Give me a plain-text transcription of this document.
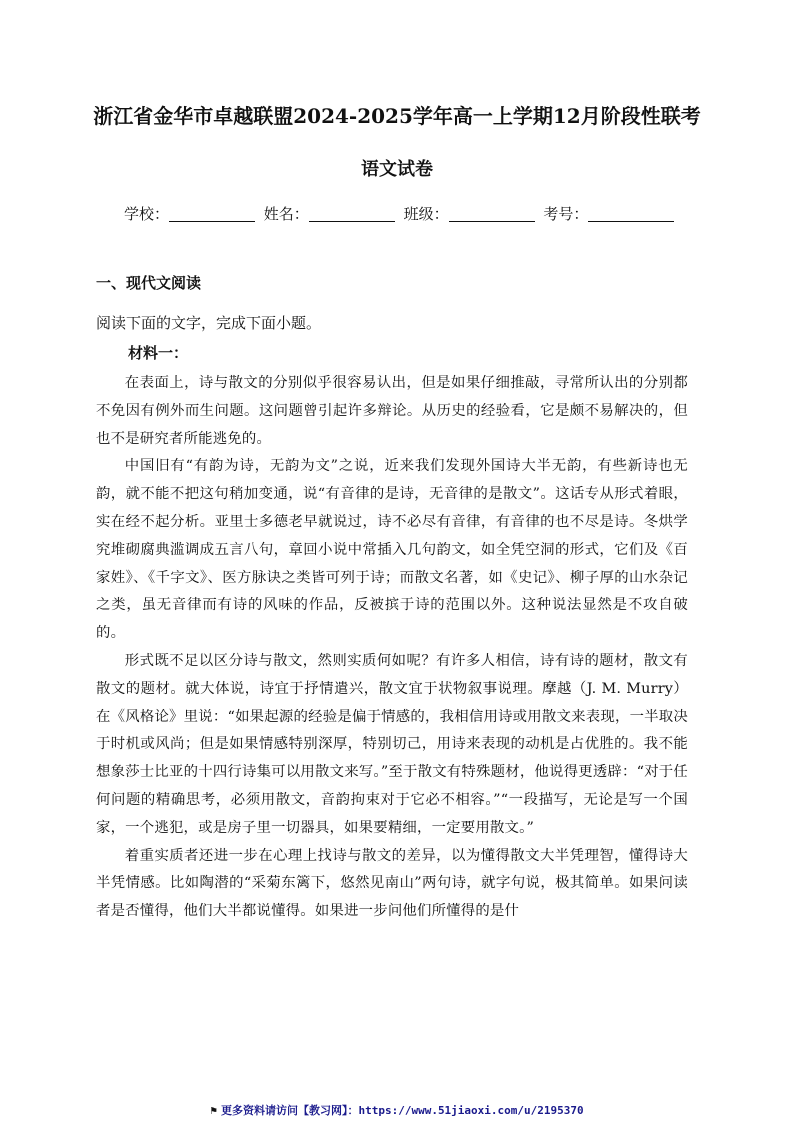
浙江省金华市卓越联盟2024-2025学年高一上学期12月阶段性联考
语文试卷
学校：	姓名：	班级：	考号：
一、现代文阅读

阅读下面的文字，完成下面小题。

材料一：

在表面上，诗与散文的分别似乎很容易认出，但是如果仔细推敲，寻常所认出的分别都不免因有例外而生问题。这问题曾引起许多辩论。从历史的经验看，它是颇不易解决的，但也不是研究者所能逃免的。

中国旧有“有韵为诗，无韵为文”之说，近来我们发现外国诗大半无韵，有些新诗也无韵，就不能不把这句稍加变通，说“有音律的是诗，无音律的是散文”。这话专从形式着眼，实在经不起分析。亚里士多德老早就说过，诗不必尽有音律，有音律的也不尽是诗。冬烘学究堆砌腐典滥调成五言八句，章回小说中常插入几句韵文，如全凭空洞的形式，它们及《百家姓》、《千字文》、医方脉诀之类皆可列于诗；而散文名著，如《史记》、柳子厚的山水杂记之类，虽无音律而有诗的风味的作品，反被摈于诗的范围以外。这种说法显然是不攻自破的。

形式既不足以区分诗与散文，然则实质何如呢？有许多人相信，诗有诗的题材，散文有散文的题材。就大体说，诗宜于抒情遣兴，散文宜于状物叙事说理。摩越（J. M. Murry）在《风格论》里说：“如果起源的经验是偏于情感的，我相信用诗或用散文来表现，一半取决于时机或风尚；但是如果情感特别深厚，特别切己，用诗来表现的动机是占优胜的。我不能想象莎士比亚的十四行诗集可以用散文来写。”至于散文有特殊题材，他说得更透辟：“对于任何问题的精确思考，必须用散文，音韵拘束对于它必不相容。”“一段描写，无论是写一个国家，一个逃犯，或是房子里一切器具，如果要精细，一定要用散文。”

着重实质者还进一步在心理上找诗与散文的差异，以为懂得散文大半凭理智，懂得诗大半凭情感。比如陶潜的“采菊东篱下，悠然见南山”两句诗，就字句说，极其简单。如果问读者是否懂得，他们大半都说懂得。如果进一步问他们所懂得的是什

⚑ 更多资料请访问【教习网】：https://www.51jiaoxi.com/u/2195370
